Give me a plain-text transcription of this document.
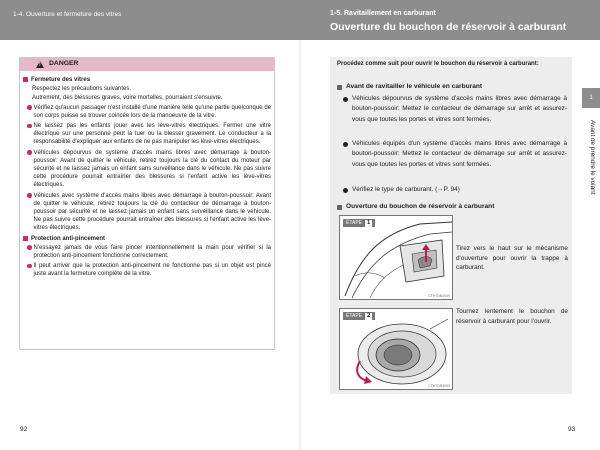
1-4. Ouverture et fermeture des vitres	1-5. Ravitaillement en carburant
Ouverture du bouchon de réservoir à carburant
! DANGER
Fermeture des vitres
Respectez les précautions suivantes.
Autrement, des blessures graves, voire mortelles, pourraient s'ensuivre.
Vérifiez qu'aucun passager n'est installé d'une manière telle qu'une partie quelconque de son corps puisse se trouver coincée lors de la manoeuvre de la vitre.
Ne laissez pas les enfants jouer avec les lève-vitres électriques. Fermer une vitre électrique sur une personne peut la tuer ou la blesser gravement. Le conducteur a la responsabilité d'expliquer aux enfants de ne pas manipuler les lève-vitres électriques.
Véhicules dépourvus de système d'accès mains libres avec démarrage à bouton-poussoir: Avant de quitter le véhicule, retirez toujours la clé du contact du moteur par sécurité et ne laissez jamais un enfant sans surveillance dans le véhicule. Ne pas suivre cette procédure pourrait entraîner des blessures si l'enfant active les lève-vitres électriques.
Véhicules avec système d'accès mains libres avec démarrage à bouton-poussoir: Avant de quitter le véhicule, retirez toujours la clé du contacteur de démarrage à bouton-poussoir par sécurité et ne laissez jamais un enfant sans surveillance dans le véhicule. Ne pas suivre cette procédure pourrait entraîner des blessures si l'enfant active les lève-vitres électriques.
Protection anti-pincement
N'essayez jamais de vous faire pincer intentionnellement la main pour vérifier si la protection anti-pincement fonctionne correctement.
Il peut arriver que la protection anti-pincement ne fonctionne pas si un objet est pincé juste avant la fermeture complète de la vitre.
92
Procédez comme suit pour ouvrir le bouchon du réservoir à carburant:
Avant de ravitailler le véhicule en carburant
Véhicules dépourvus de système d'accès mains libres avec démarrage à bouton-poussoir: Mettez le contacteur de démarrage sur arrêt et assurez-vous que toutes les portes et vitres sont fermées.
Véhicules équipés d'un système d'accès mains libres avec démarrage à bouton-poussoir: Mettez le contacteur de démarrage sur arrêt et assurez-vous que toutes les portes et vitres sont fermées.
Vérifiez le type de carburant. (→P. 94)
Ouverture du bouchon de réservoir à carburant
ÉTAPE 1
CTH7DB4059
Tirez vers le haut sur le mécanisme d'ouverture pour ouvrir la trappe à carburant.
ÉTAPE 2
CTH7DB4069
Tournez lentement le bouchon de réservoir à carburant pour l'ouvrir.
1
Avant de prendre le volant
93
